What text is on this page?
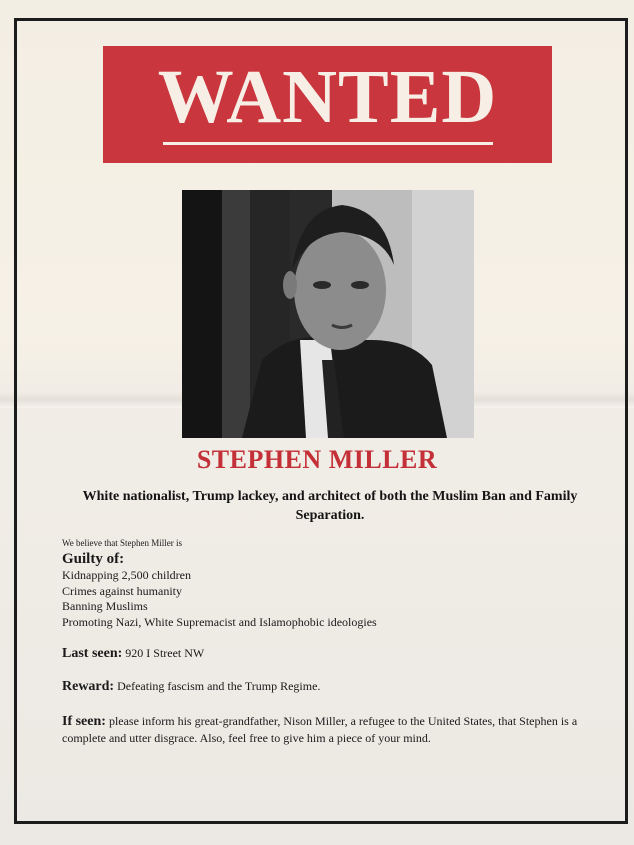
WANTED
STEPHEN MILLER
White nationalist, Trump lackey, and architect of both the Muslim Ban and Family Separation.
We believe that Stephen Miller is
Guilty of:
Kidnapping 2,500 children
Crimes against humanity
Banning Muslims
Promoting Nazi, White Supremacist and Islamophobic ideologies
Last seen: 920 I Street NW
Reward: Defeating fascism and the Trump Regime.
If seen: please inform his great-grandfather, Nison Miller, a refugee to the United States, that Stephen is a complete and utter disgrace. Also, feel free to give him a piece of your mind.
